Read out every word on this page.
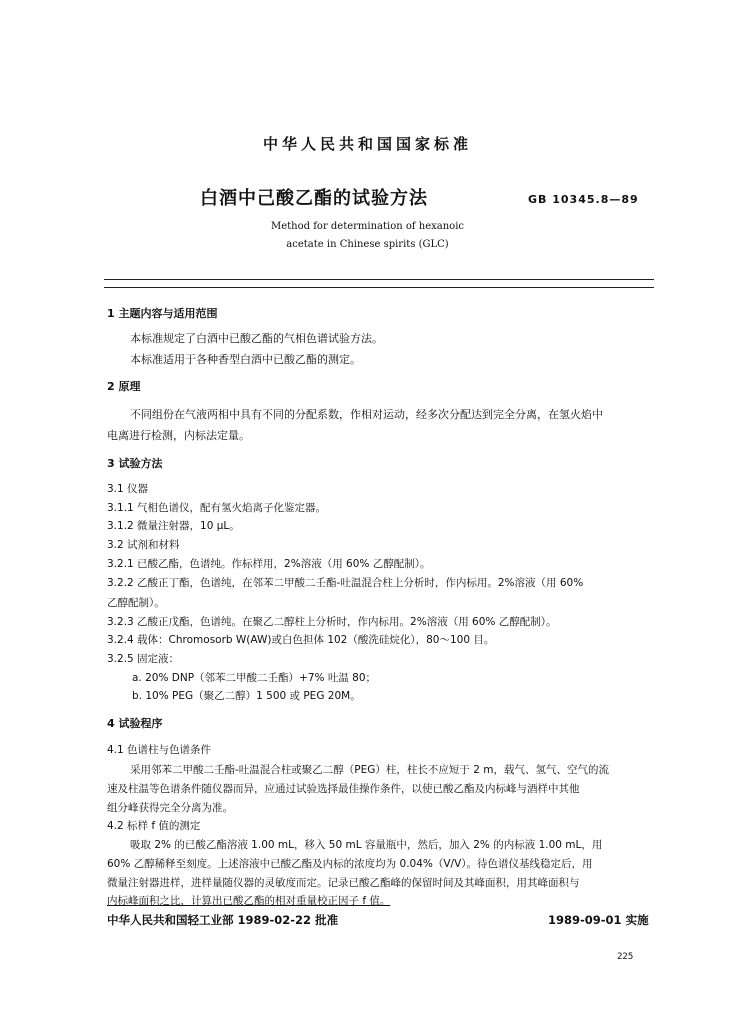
中华人民共和国国家标准
白酒中己酸乙酯的试验方法	GB 10345.8—89
Method for determination of hexanoic
acetate in Chinese spirits (GLC)
1 主题内容与适用范围
本标准规定了白酒中已酸乙酯的气相色谱试验方法。
本标准适用于各种香型白酒中已酸乙酯的测定。
2 原理
不同组份在气液两相中具有不同的分配系数，作相对运动，经多次分配达到完全分离，在氢火焰中
电离进行检测，内标法定量。
3 试验方法
3.1 仪器
3.1.1 气相色谱仪，配有氢火焰离子化鉴定器。
3.1.2 微量注射器，10 μL。
3.2 试剂和材料
3.2.1 已酸乙酯，色谱纯。作标样用，2%溶液（用 60% 乙醇配制）。
3.2.2 乙酸正丁酯，色谱纯，在邻苯二甲酸二壬酯-吐温混合柱上分析时，作内标用。2%溶液（用 60%
乙醇配制）。
3.2.3 乙酸正戊酯，色谱纯。在聚乙二醇柱上分析时，作内标用。2%溶液（用 60% 乙醇配制）。
3.2.4 载体：Chromosorb W(AW)或白色担体 102（酸洗硅烷化），80～100 目。
3.2.5 固定液：
a. 20% DNP（邻苯二甲酸二壬酯）+7% 吐温 80；
b. 10% PEG（聚乙二醇）1 500 或 PEG 20M。
4 试验程序
4.1 色谱柱与色谱条件
采用邻苯二甲酸二壬酯-吐温混合柱或聚乙二醇（PEG）柱，柱长不应短于 2 m，载气、氢气、空气的流
速及柱温等色谱条件随仪器而异，应通过试验选择最佳操作条件，以使已酸乙酯及内标峰与酒样中其他
组分峰获得完全分离为准。
4.2 标样 f 值的测定
吸取 2% 的已酸乙酯溶液 1.00 mL，移入 50 mL 容量瓶中，然后，加入 2% 的内标液 1.00 mL，用
60% 乙醇稀释至刻度。上述溶液中已酸乙酯及内标的浓度均为 0.04%（V/V）。待色谱仪基线稳定后，用
微量注射器进样，进样量随仪器的灵敏度而定。记录已酸乙酯峰的保留时间及其峰面积，用其峰面积与
内标峰面积之比，计算出已酸乙酯的相对重量校正因子 f 值。
中华人民共和国轻工业部 1989-02-22 批准	1989-09-01 实施
225
